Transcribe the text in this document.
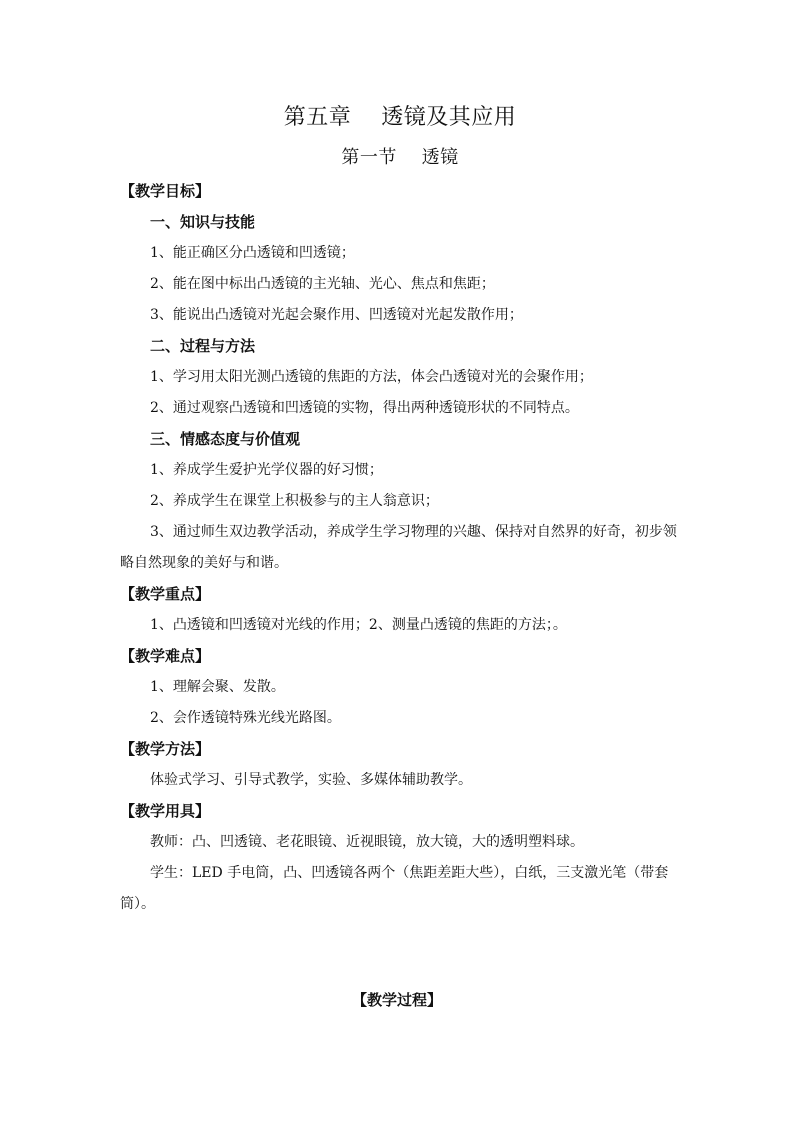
第五章　 透镜及其应用
第一节　 透镜

【教学目标】

一、知识与技能

1、能正确区分凸透镜和凹透镜；

2、能在图中标出凸透镜的主光轴、光心、焦点和焦距；

3、能说出凸透镜对光起会聚作用、凹透镜对光起发散作用；

二、过程与方法

1、学习用太阳光测凸透镜的焦距的方法，体会凸透镜对光的会聚作用；

2、通过观察凸透镜和凹透镜的实物，得出两种透镜形状的不同特点。

三、情感态度与价值观

1、养成学生爱护光学仪器的好习惯；

2、养成学生在课堂上积极参与的主人翁意识；

3、通过师生双边教学活动，养成学生学习物理的兴趣、保持对自然界的好奇，初步领略自然现象的美好与和谐。

【教学重点】

1、凸透镜和凹透镜对光线的作用；2、测量凸透镜的焦距的方法；。

【教学难点】

1、理解会聚、发散。

2、会作透镜特殊光线光路图。

【教学方法】

体验式学习、引导式教学，实验、多媒体辅助教学。

【教学用具】

教师：凸、凹透镜、老花眼镜、近视眼镜，放大镜，大的透明塑料球。

学生：LED 手电筒，凸、凹透镜各两个（焦距差距大些），白纸，三支激光笔（带套筒）。

【教学过程】
